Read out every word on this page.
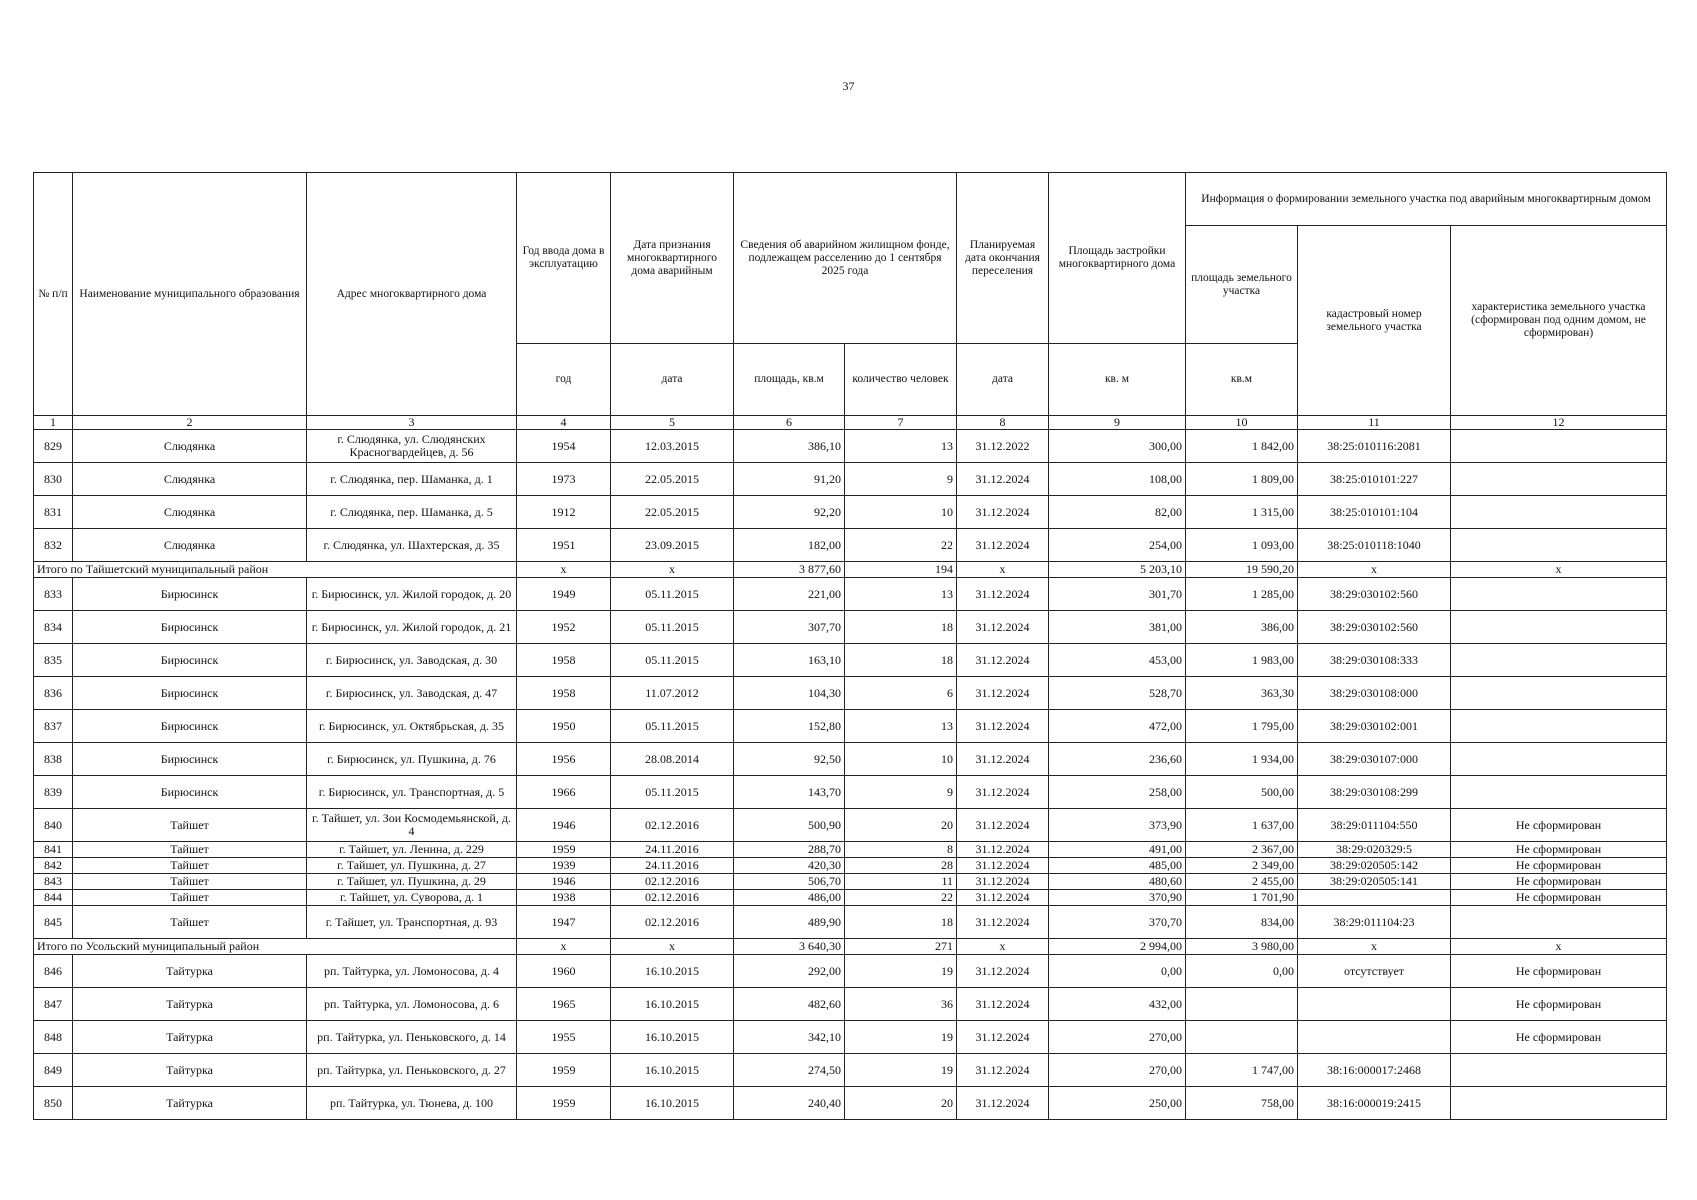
37
№ п/п	Наименование муниципального образования	Адрес многоквартирного дома	Год ввода дома в эксплуатацию	Дата признания многоквартирного дома аварийным	Сведения об аварийном жилищном фонде, подлежащем расселению до 1 сентября 2025 года		Планируемая дата окончания переселения	Площадь застройки многоквартирного дома	Информация о формировании земельного участка под аварийным многоквартирным домом		
									площадь земельного участка	кадастровый номер земельного участка	характеристика земельного участка (сформирован под одним домом, не сформирован)
			год	дата	площадь, кв.м	количество человек	дата	кв. м	кв.м		
1	2	3	4	5	6	7	8	9	10	11	12
829	Слюдянка	г. Слюдянка, ул. Слюдянских Красногвардейцев, д. 56	1954	12.03.2015	386,10	13	31.12.2022	300,00	1 842,00	38:25:010116:2081	
830	Слюдянка	г. Слюдянка, пер. Шаманка, д. 1	1973	22.05.2015	91,20	9	31.12.2024	108,00	1 809,00	38:25:010101:227	
831	Слюдянка	г. Слюдянка, пер. Шаманка, д. 5	1912	22.05.2015	92,20	10	31.12.2024	82,00	1 315,00	38:25:010101:104	
832	Слюдянка	г. Слюдянка, ул. Шахтерская, д. 35	1951	23.09.2015	182,00	22	31.12.2024	254,00	1 093,00	38:25:010118:1040	
Итого по Тайшетский муниципальный район			x	x	3 877,60	194	x	5 203,10	19 590,20	x	x
833	Бирюсинск	г. Бирюсинск, ул. Жилой городок, д. 20	1949	05.11.2015	221,00	13	31.12.2024	301,70	1 285,00	38:29:030102:560	
834	Бирюсинск	г. Бирюсинск, ул. Жилой городок, д. 21	1952	05.11.2015	307,70	18	31.12.2024	381,00	386,00	38:29:030102:560	
835	Бирюсинск	г. Бирюсинск, ул. Заводская, д. 30	1958	05.11.2015	163,10	18	31.12.2024	453,00	1 983,00	38:29:030108:333	
836	Бирюсинск	г. Бирюсинск, ул. Заводская, д. 47	1958	11.07.2012	104,30	6	31.12.2024	528,70	363,30	38:29:030108:000	
837	Бирюсинск	г. Бирюсинск, ул. Октябрьская, д. 35	1950	05.11.2015	152,80	13	31.12.2024	472,00	1 795,00	38:29:030102:001	
838	Бирюсинск	г. Бирюсинск, ул. Пушкина, д. 76	1956	28.08.2014	92,50	10	31.12.2024	236,60	1 934,00	38:29:030107:000	
839	Бирюсинск	г. Бирюсинск, ул. Транспортная, д. 5	1966	05.11.2015	143,70	9	31.12.2024	258,00	500,00	38:29:030108:299	
840	Тайшет	г. Тайшет, ул. Зои Космодемьянской, д. 4	1946	02.12.2016	500,90	20	31.12.2024	373,90	1 637,00	38:29:011104:550	Не сформирован
841	Тайшет	г. Тайшет, ул. Ленина, д. 229	1959	24.11.2016	288,70	8	31.12.2024	491,00	2 367,00	38:29:020329:5	Не сформирован
842	Тайшет	г. Тайшет, ул. Пушкина, д. 27	1939	24.11.2016	420,30	28	31.12.2024	485,00	2 349,00	38:29:020505:142	Не сформирован
843	Тайшет	г. Тайшет, ул. Пушкина, д. 29	1946	02.12.2016	506,70	11	31.12.2024	480,60	2 455,00	38:29:020505:141	Не сформирован
844	Тайшет	г. Тайшет, ул. Суворова, д. 1	1938	02.12.2016	486,00	22	31.12.2024	370,90	1 701,90		Не сформирован
845	Тайшет	г. Тайшет, ул. Транспортная, д. 93	1947	02.12.2016	489,90	18	31.12.2024	370,70	834,00	38:29:011104:23	
Итого по Усольский муниципальный район			x	x	3 640,30	271	x	2 994,00	3 980,00	x	x
846	Тайтурка	рп. Тайтурка, ул. Ломоносова, д. 4	1960	16.10.2015	292,00	19	31.12.2024	0,00	0,00	отсутствует	Не сформирован
847	Тайтурка	рп. Тайтурка, ул. Ломоносова, д. 6	1965	16.10.2015	482,60	36	31.12.2024	432,00			Не сформирован
848	Тайтурка	рп. Тайтурка, ул. Пеньковского, д. 14	1955	16.10.2015	342,10	19	31.12.2024	270,00			Не сформирован
849	Тайтурка	рп. Тайтурка, ул. Пеньковского, д. 27	1959	16.10.2015	274,50	19	31.12.2024	270,00	1 747,00	38:16:000017:2468	
850	Тайтурка	рп. Тайтурка, ул. Тюнева, д. 100	1959	16.10.2015	240,40	20	31.12.2024	250,00	758,00	38:16:000019:2415	
